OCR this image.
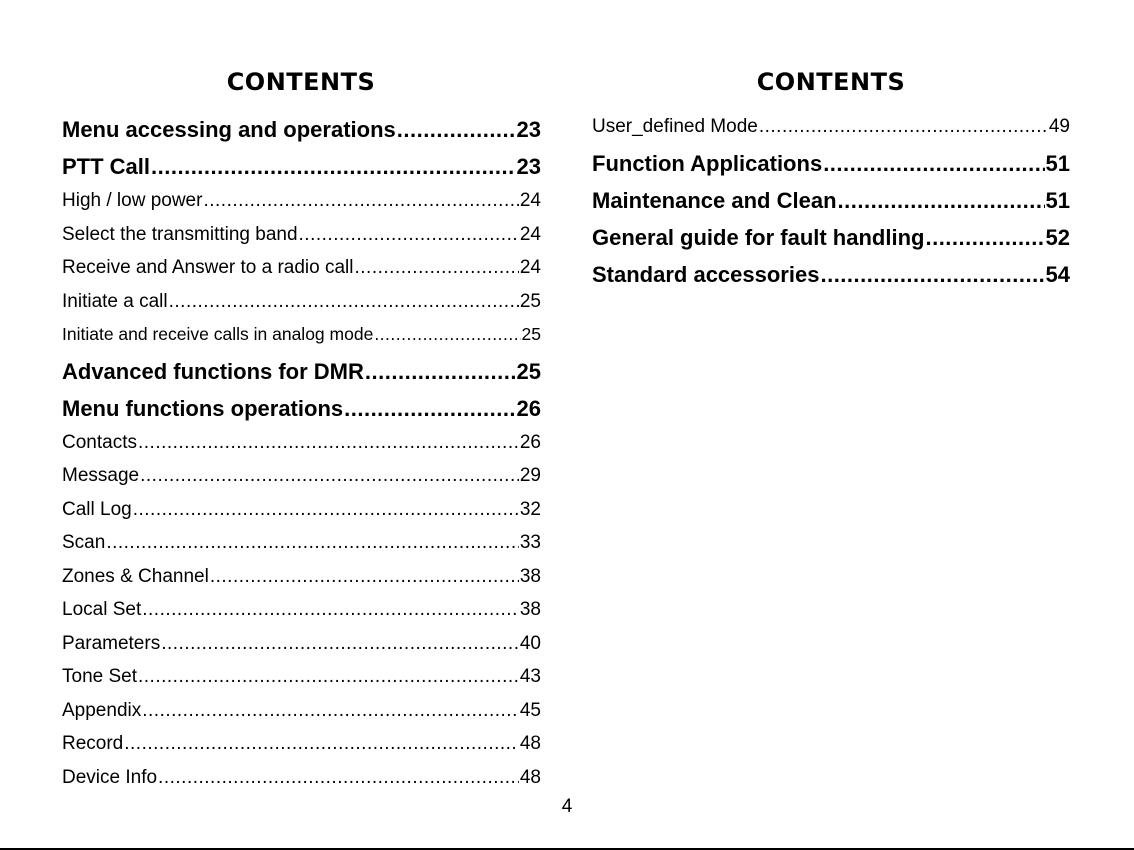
CONTENTS
Menu accessing and operations .....	23
PTT Call .....	23
High / low power .....	24
Select the transmitting band .....	24
Receive and Answer to a radio call .....	24
Initiate a call .....	25
Initiate and receive calls in analog mode .....	25
Advanced functions for DMR .....	25
Menu functions operations .....	26
Contacts .....	26
Message .....	29
Call Log .....	32
Scan .....	33
Zones & Channel .....	38
Local Set .....	38
Parameters .....	40
Tone Set .....	43
Appendix .....	45
Record .....	48
Device Info .....	48
CONTENTS
User_defined Mode .....	49
Function Applications .....	51
Maintenance and Clean .....	51
General guide for fault handling .....	52
Standard accessories .....	54
4
